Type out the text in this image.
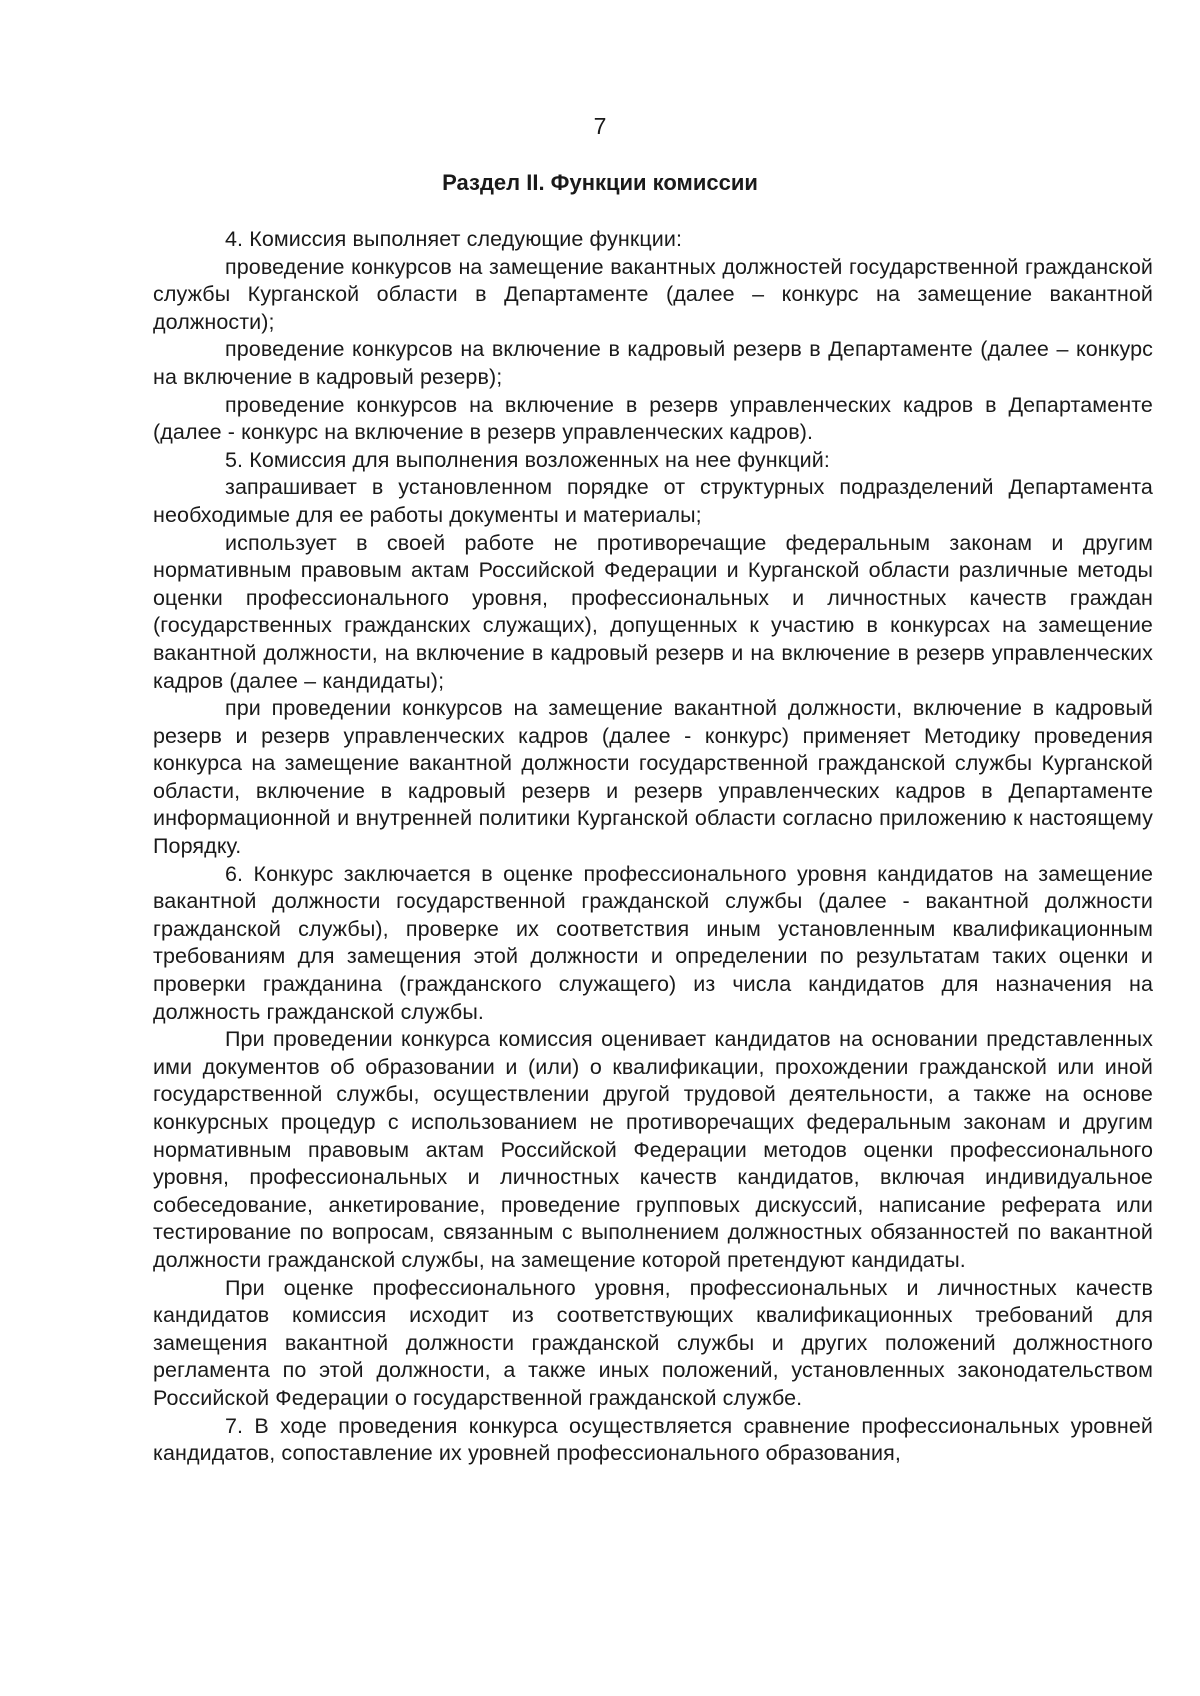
7
Раздел II. Функции комиссии

4. Комиссия выполняет следующие функции:

проведение конкурсов на замещение вакантных должностей государственной гражданской службы Курганской области в Департаменте (далее – конкурс на замещение вакантной должности);

проведение конкурсов на включение в кадровый резерв в Департаменте (далее – конкурс на включение в кадровый резерв);

проведение конкурсов на включение в резерв управленческих кадров в Департаменте (далее - конкурс на включение в резерв управленческих кадров).

5. Комиссия для выполнения возложенных на нее функций:

запрашивает в установленном порядке от структурных подразделений Департамента необходимые для ее работы документы и материалы;

использует в своей работе не противоречащие федеральным законам и другим нормативным правовым актам Российской Федерации и Курганской области различные методы оценки профессионального уровня, профессиональных и личностных качеств граждан (государственных гражданских служащих), допущенных к участию в конкурсах на замещение вакантной должности, на включение в кадровый резерв и на включение в резерв управленческих кадров (далее – кандидаты);

при проведении конкурсов на замещение вакантной должности, включение в кадровый резерв и резерв управленческих кадров (далее - конкурс) применяет Методику проведения конкурса на замещение вакантной должности государственной гражданской службы Курганской области, включение в кадровый резерв и резерв управленческих кадров в Департаменте информационной и внутренней политики Курганской области согласно приложению к настоящему Порядку.

6. Конкурс заключается в оценке профессионального уровня кандидатов на замещение вакантной должности государственной гражданской службы (далее - вакантной должности гражданской службы), проверке их соответствия иным установленным квалификационным требованиям для замещения этой должности и определении по результатам таких оценки и проверки гражданина (гражданского служащего) из числа кандидатов для назначения на должность гражданской службы.

При проведении конкурса комиссия оценивает кандидатов на основании представленных ими документов об образовании и (или) о квалификации, прохождении гражданской или иной государственной службы, осуществлении другой трудовой деятельности, а также на основе конкурсных процедур с использованием не противоречащих федеральным законам и другим нормативным правовым актам Российской Федерации методов оценки профессионального уровня, профессиональных и личностных качеств кандидатов, включая индивидуальное собеседование, анкетирование, проведение групповых дискуссий, написание реферата или тестирование по вопросам, связанным с выполнением должностных обязанностей по вакантной должности гражданской службы, на замещение которой претендуют кандидаты.

При оценке профессионального уровня, профессиональных и личностных качеств кандидатов комиссия исходит из соответствующих квалификационных требований для замещения вакантной должности гражданской службы и других положений должностного регламента по этой должности, а также иных положений, установленных законодательством Российской Федерации о государственной гражданской службе.

7. В ходе проведения конкурса осуществляется сравнение профессиональных уровней кандидатов, сопоставление их уровней профессионального образования,
